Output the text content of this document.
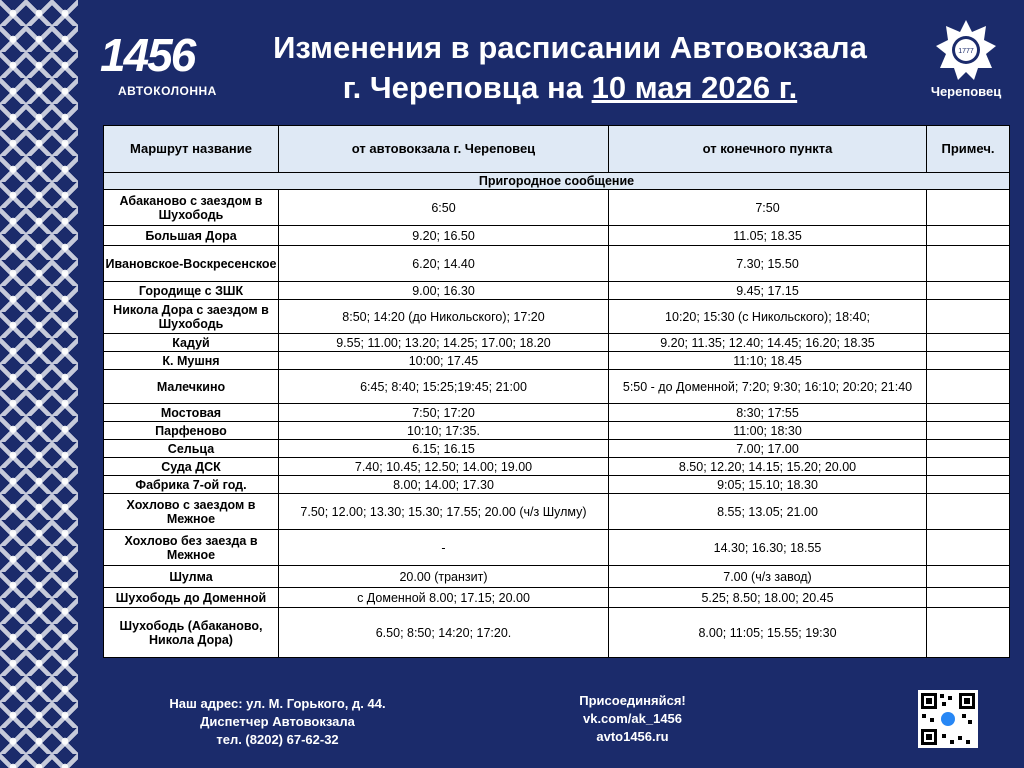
1456
АВТОКОЛОННА
Изменения в расписании Автовокзала
г. Череповца на 10 мая 2026 г.
1777
Череповец
Маршрут название	от автовокзала г. Череповец	от конечного пункта	Примеч.
Пригородное сообщение			
Абаканово с заездом в Шухободь	6:50	7:50	
Большая Дора	9.20; 16.50	11.05; 18.35	
Ивановское-Воскресенское	6.20; 14.40	7.30; 15.50	
Городище с ЗШК	9.00; 16.30	9.45; 17.15	
Никола Дора с заездом в Шухободь	8:50; 14:20 (до Никольского); 17:20	10:20; 15:30 (с Никольского); 18:40;	
Кадуй	9.55; 11.00; 13.20; 14.25; 17.00; 18.20	9.20; 11.35; 12.40; 14.45; 16.20; 18.35	
К. Мушня	10:00; 17.45	11:10; 18.45	
Малечкино	6:45; 8:40; 15:25;19:45; 21:00	5:50 - до Доменной; 7:20; 9:30; 16:10; 20:20; 21:40	
Мостовая	7:50; 17:20	8:30; 17:55	
Парфеново	10:10; 17:35.	11:00; 18:30	
Сельца	6.15; 16.15	7.00; 17.00	
Суда ДСК	7.40; 10.45; 12.50; 14.00; 19.00	8.50; 12.20; 14.15; 15.20; 20.00	
Фабрика 7-ой год.	8.00; 14.00; 17.30	9:05; 15.10; 18.30	
Хохлово с заездом в Межное	7.50; 12.00; 13.30; 15.30; 17.55; 20.00 (ч/з Шулму)	8.55; 13.05; 21.00	
Хохлово без заезда в Межное	-	14.30; 16.30; 18.55	
Шулма	20.00 (транзит)	7.00 (ч/з завод)	
Шухободь до Доменной	с Доменной 8.00; 17.15; 20.00	5.25; 8.50; 18.00; 20.45	
Шухободь (Абаканово, Никола Дора)	6.50; 8:50; 14:20; 17:20.	8.00; 11:05; 15.55; 19:30	
Наш адрес: ул. М. Горького, д. 44.
Диспетчер Автовокзала
тел. (8202) 67-62-32
Присоединяйся!
vk.com/ak_1456
avto1456.ru
